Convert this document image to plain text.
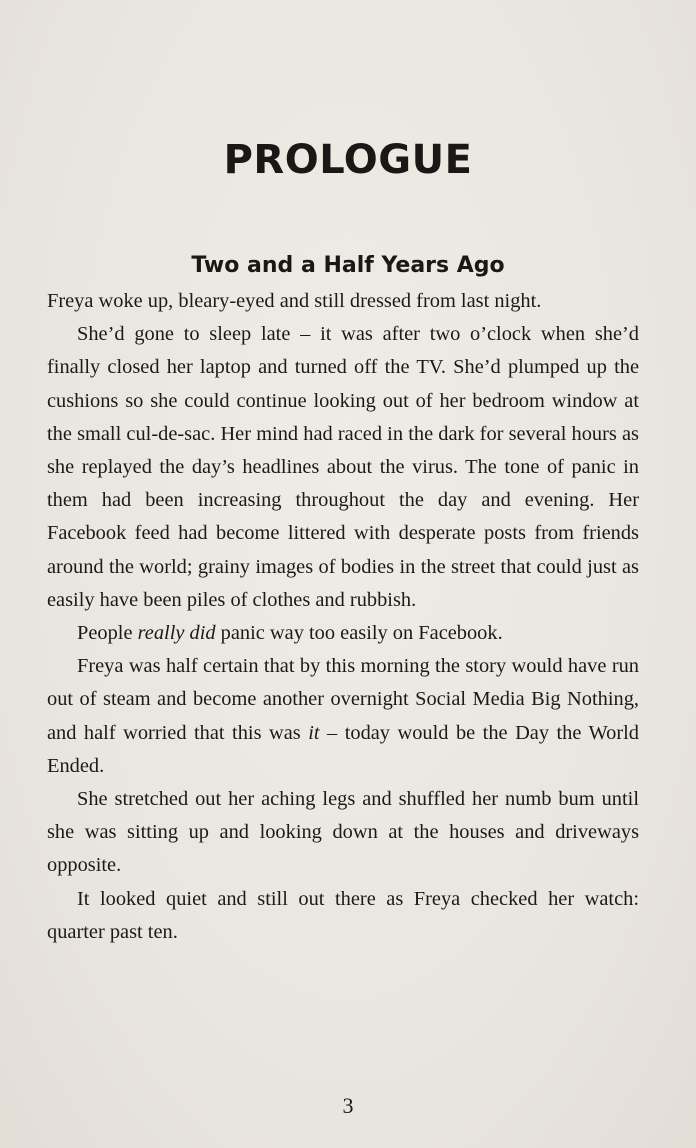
PROLOGUE
Two and a Half Years Ago

Freya woke up, bleary-eyed and still dressed from last night.

She’d gone to sleep late – it was after two o’clock when she’d finally closed her laptop and turned off the TV. She’d plumped up the cushions so she could continue looking out of her bedroom window at the small cul-de-sac. Her mind had raced in the dark for several hours as she replayed the day’s headlines about the virus. The tone of panic in them had been increasing throughout the day and evening. Her Facebook feed had become littered with desperate posts from friends around the world; grainy images of bodies in the street that could just as easily have been piles of clothes and rubbish.

People really did panic way too easily on Facebook.

Freya was half certain that by this morning the story would have run out of steam and become another overnight Social Media Big Nothing, and half worried that this was it – today would be the Day the World Ended.

She stretched out her aching legs and shuffled her numb bum until she was sitting up and looking down at the houses and driveways opposite.

It looked quiet and still out there as Freya checked her watch: quarter past ten.

3
